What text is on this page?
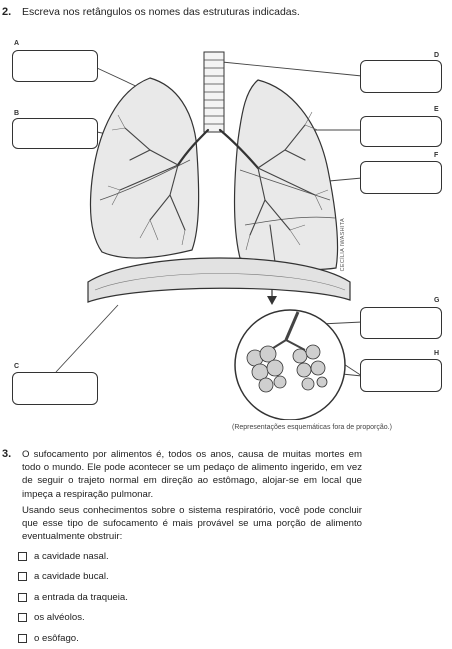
2. Escreva nos retângulos os nomes das estruturas indicadas.
A
B
C
D
E
F
G
H
CECÍLIA IWASHITA
(Representações esquemáticas fora de proporção.)
3. O sufocamento por alimentos é, todos os anos, causa de muitas mortes em todo o mundo. Ele pode acontecer se um pedaço de alimento ingerido, em vez de seguir o trajeto normal em direção ao estômago, alojar-se em local que impeça a respiração pulmonar.
Usando seus conhecimentos sobre o sistema respiratório, você pode concluir que esse tipo de sufocamento é mais provável se uma porção de alimento eventualmente obstruir:
a cavidade nasal.
a cavidade bucal.
a entrada da traqueia.
os alvéolos.
o esôfago.
